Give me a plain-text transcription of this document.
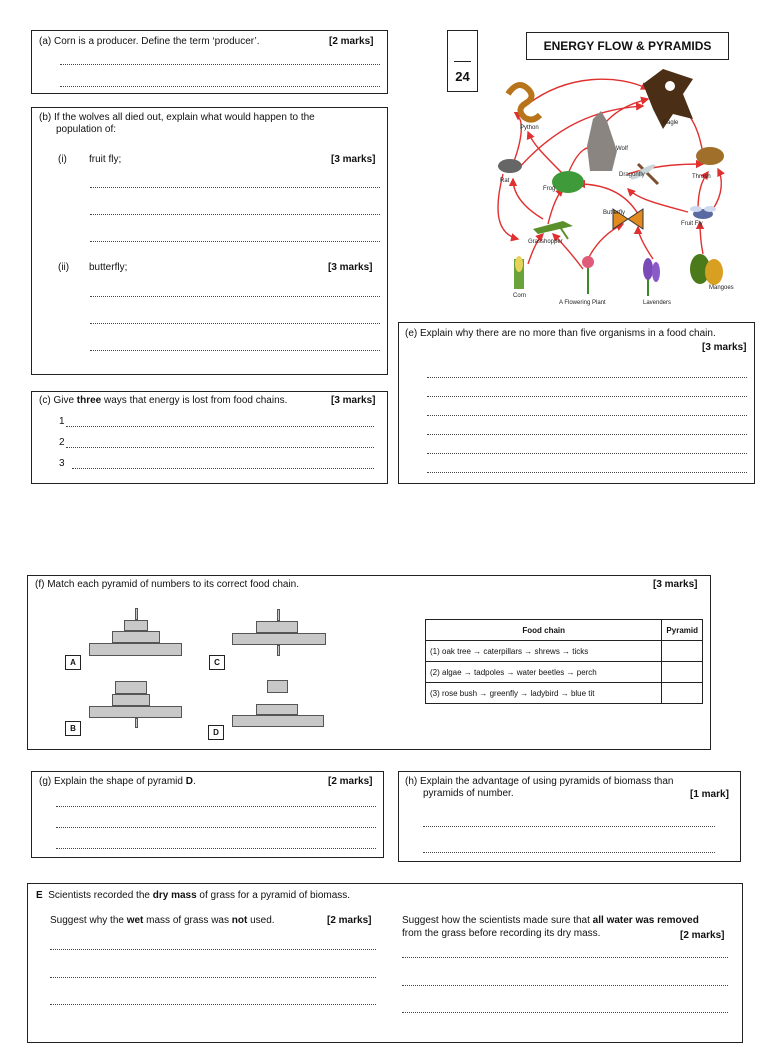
(a) Corn is a producer. Define the term ‘producer’.	[2 marks]
24
ENERGY FLOW & PYRAMIDS
(b) If the wolves all died out, explain what would happen to the
population of:
(i) fruit fly;	[3 marks]
(ii) butterfly;	[3 marks]
(c) Give three ways that energy is lost from food chains.	[3 marks]
1
2
3
Python
Eagle
Wolf
Rat
Frog
Dragonfly	Thrush
Butterfly
Fruit Fly
Grasshopper
Corn
A Flowering Plant	Lavenders
Mangoes
(e) Explain why there are no more than five organisms in a food chain.
[3 marks]
(f) Match each pyramid of numbers to its correct food chain.	[3 marks]
A	C
B	D
Food chain	Pyramid
(1) oak tree → caterpillars → shrews → ticks	
(2) algae → tadpoles → water beetles → perch	
(3) rose bush → greenfly → ladybird → blue tit	
(g) Explain the shape of pyramid D.	[2 marks]	(h) Explain the advantage of using pyramids of biomass than
pyramids of number.	[1 mark]
E Scientists recorded the dry mass of grass for a pyramid of biomass.
Suggest why the wet mass of grass was not used.	[2 marks]	Suggest how the scientists made sure that all water was removed
from the grass before recording its dry mass.	[2 marks]
